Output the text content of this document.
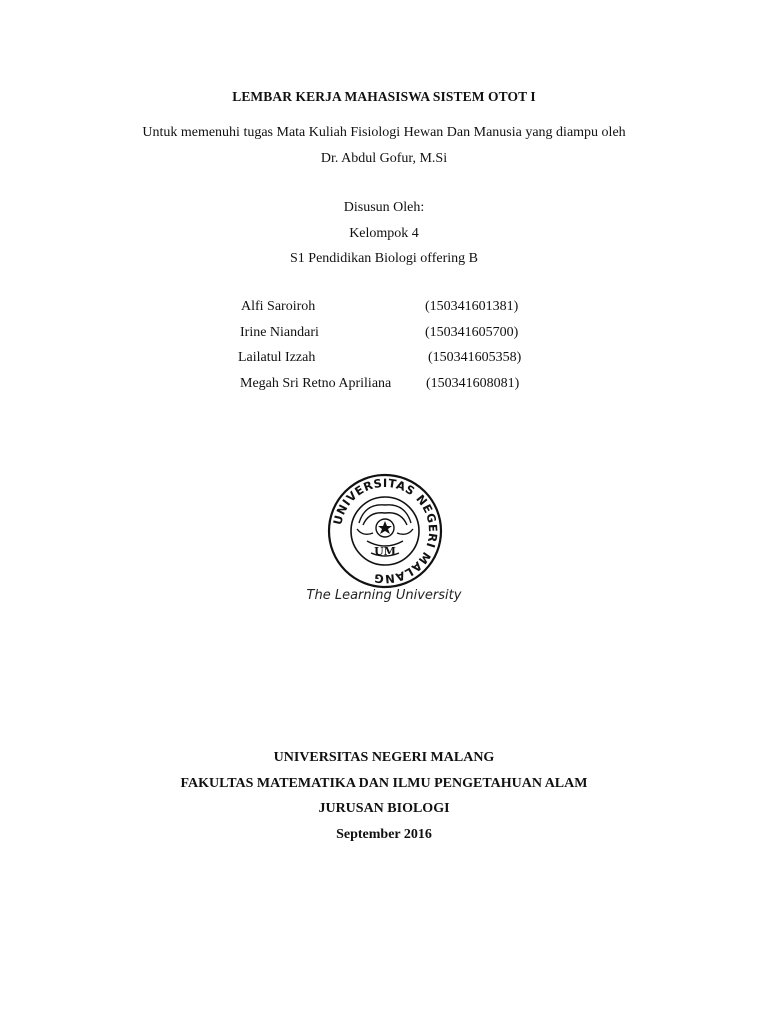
LEMBAR KERJA MAHASISWA SISTEM OTOT I
Untuk memenuhi tugas Mata Kuliah Fisiologi Hewan Dan Manusia yang diampu oleh
Dr. Abdul Gofur, M.Si
Disusun Oleh:
Kelompok 4
S1 Pendidikan Biologi offering B
Alfi Saroiroh	(150341601381)
Irine Niandari	(150341605700)
Lailatul Izzah	(150341605358)
Megah Sri Retno Apriliana (150341608081)
UNIVERSITAS NEGERI MALANG
UM
The Learning University
UNIVERSITAS NEGERI MALANG
FAKULTAS MATEMATIKA DAN ILMU PENGETAHUAN ALAM
JURUSAN BIOLOGI
September 2016
